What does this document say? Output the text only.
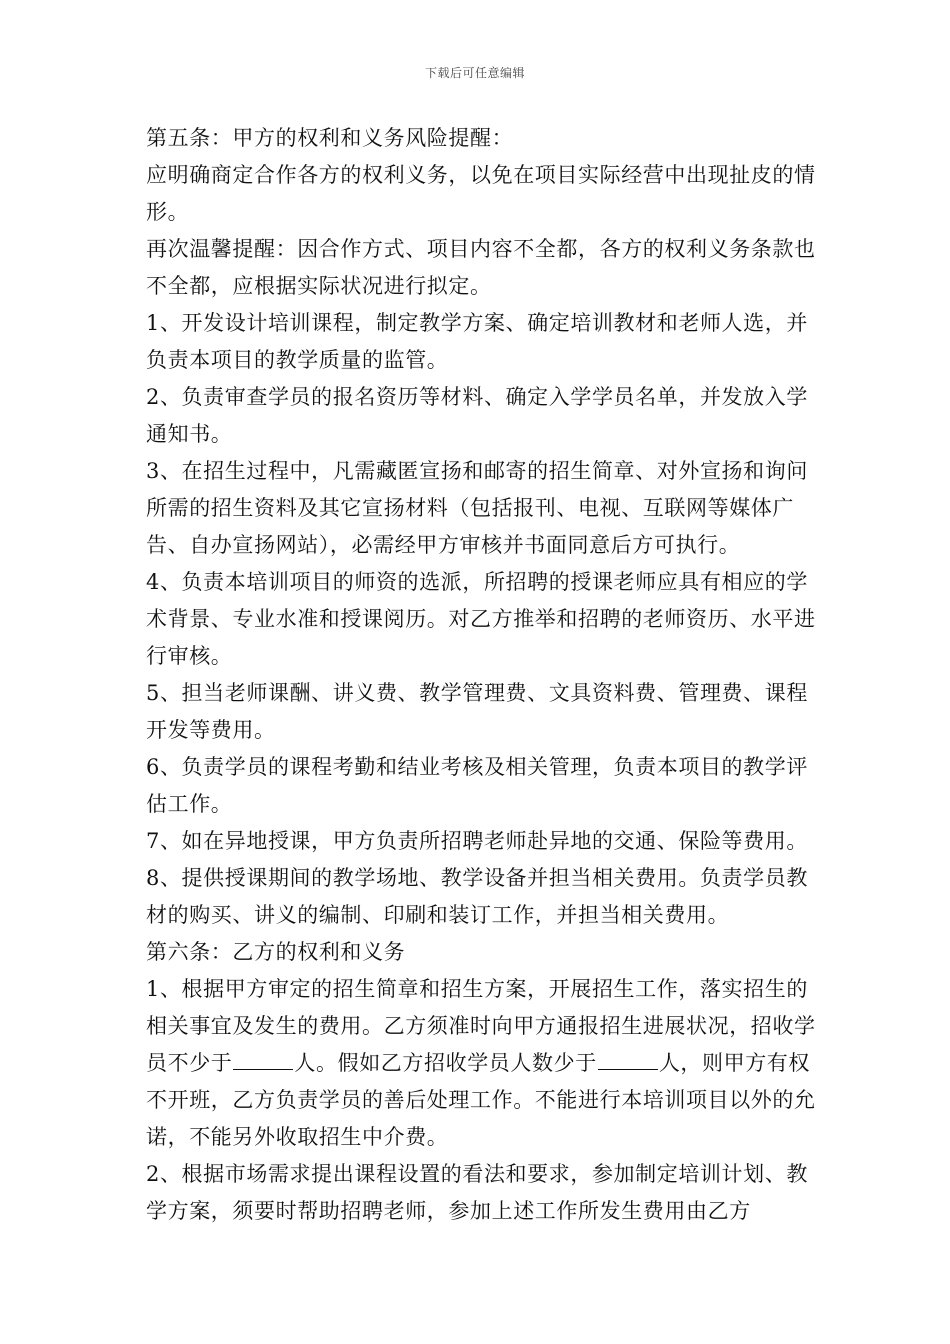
下载后可任意编辑

第五条：甲方的权利和义务风险提醒：

应明确商定合作各方的权利义务，以免在项目实际经营中出现扯皮的情形。

再次温馨提醒：因合作方式、项目内容不全都，各方的权利义务条款也不全都，应根据实际状况进行拟定。

1、开发设计培训课程，制定教学方案、确定培训教材和老师人选，并负责本项目的教学质量的监管。

2、负责审查学员的报名资历等材料、确定入学学员名单，并发放入学通知书。

3、在招生过程中，凡需藏匿宣扬和邮寄的招生简章、对外宣扬和询问所需的招生资料及其它宣扬材料（包括报刊、电视、互联网等媒体广告、自办宣扬网站），必需经甲方审核并书面同意后方可执行。

4、负责本培训项目的师资的选派，所招聘的授课老师应具有相应的学术背景、专业水准和授课阅历。对乙方推举和招聘的老师资历、水平进行审核。

5、担当老师课酬、讲义费、教学管理费、文具资料费、管理费、课程开发等费用。

6、负责学员的课程考勤和结业考核及相关管理，负责本项目的教学评估工作。

7、如在异地授课，甲方负责所招聘老师赴异地的交通、保险等费用。

8、提供授课期间的教学场地、教学设备并担当相关费用。负责学员教材的购买、讲义的编制、印刷和装订工作，并担当相关费用。

第六条：乙方的权利和义务

1、根据甲方审定的招生简章和招生方案，开展招生工作，落实招生的相关事宜及发生的费用。乙方须准时向甲方通报招生进展状况，招收学员不少于	人。假如乙方招收学员人数少于	人，则甲方有权不开班，乙方负责学员的善后处理工作。不能进行本培训项目以外的允诺，不能另外收取招生中介费。

2、根据市场需求提出课程设置的看法和要求，参加制定培训计划、教学方案，须要时帮助招聘老师，参加上述工作所发生费用由乙方
